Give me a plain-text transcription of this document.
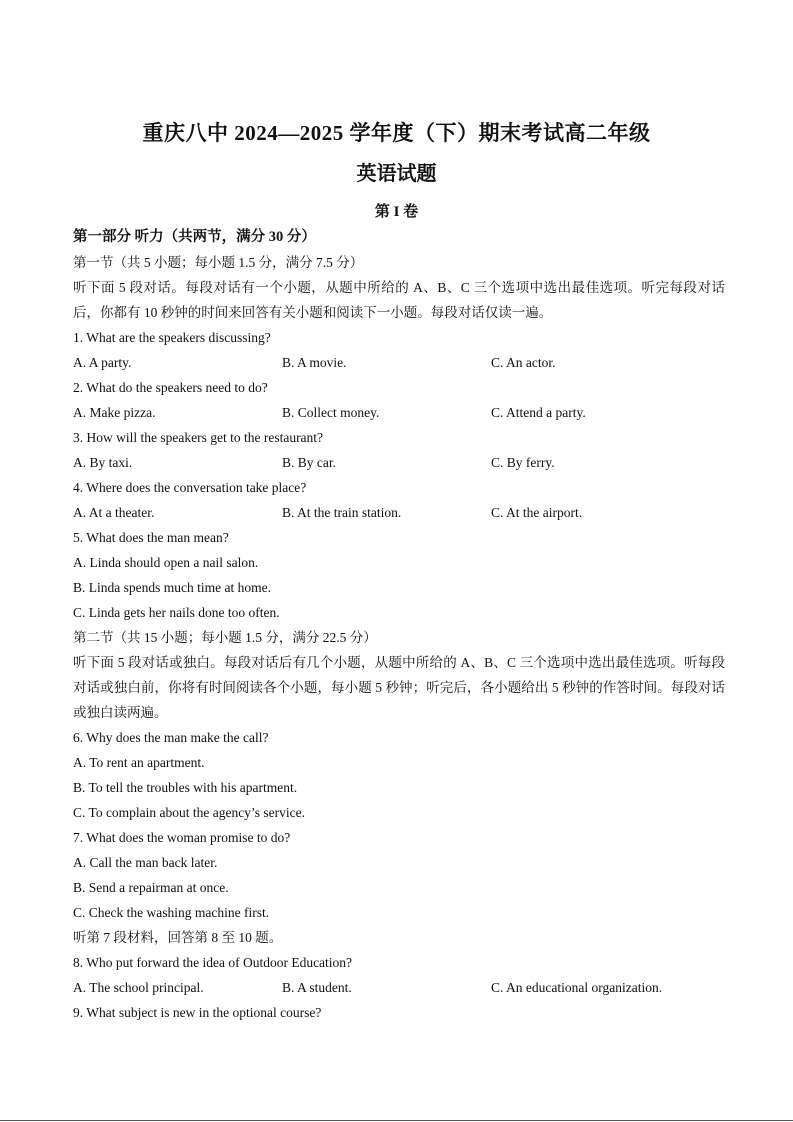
重庆八中 2024—2025 学年度（下）期末考试高二年级
英语试题
第 I 卷
第一部分 听力（共两节，满分 30 分）
第一节（共 5 小题；每小题 1.5 分，满分 7.5 分）
听下面 5 段对话。每段对话有一个小题，从题中所给的 A、B、C 三个选项中选出最佳选项。听完每段对话后，你都有 10 秒钟的时间来回答有关小题和阅读下一小题。每段对话仅读一遍。
1. What are the speakers discussing?
A. A party.	B. A movie.	C. An actor.
2. What do the speakers need to do?
A. Make pizza.	B. Collect money.	C. Attend a party.
3. How will the speakers get to the restaurant?
A. By taxi.	B. By car.	C. By ferry.
4. Where does the conversation take place?
A. At a theater.	B. At the train station.	C. At the airport.
5. What does the man mean?
A. Linda should open a nail salon.
B. Linda spends much time at home.
C. Linda gets her nails done too often.
第二节（共 15 小题；每小题 1.5 分，满分 22.5 分）
听下面 5 段对话或独白。每段对话后有几个小题，从题中所给的 A、B、C 三个选项中选出最佳选项。听每段对话或独白前，你将有时间阅读各个小题，每小题 5 秒钟；听完后，各小题给出 5 秒钟的作答时间。每段对话或独白读两遍。
6. Why does the man make the call?
A. To rent an apartment.
B. To tell the troubles with his apartment.
C. To complain about the agency’s service.
7. What does the woman promise to do?
A. Call the man back later.
B. Send a repairman at once.
C. Check the washing machine first.
听第 7 段材料，回答第 8 至 10 题。
8. Who put forward the idea of Outdoor Education?
A. The school principal.	B. A student.	C. An educational organization.
9. What subject is new in the optional course?
